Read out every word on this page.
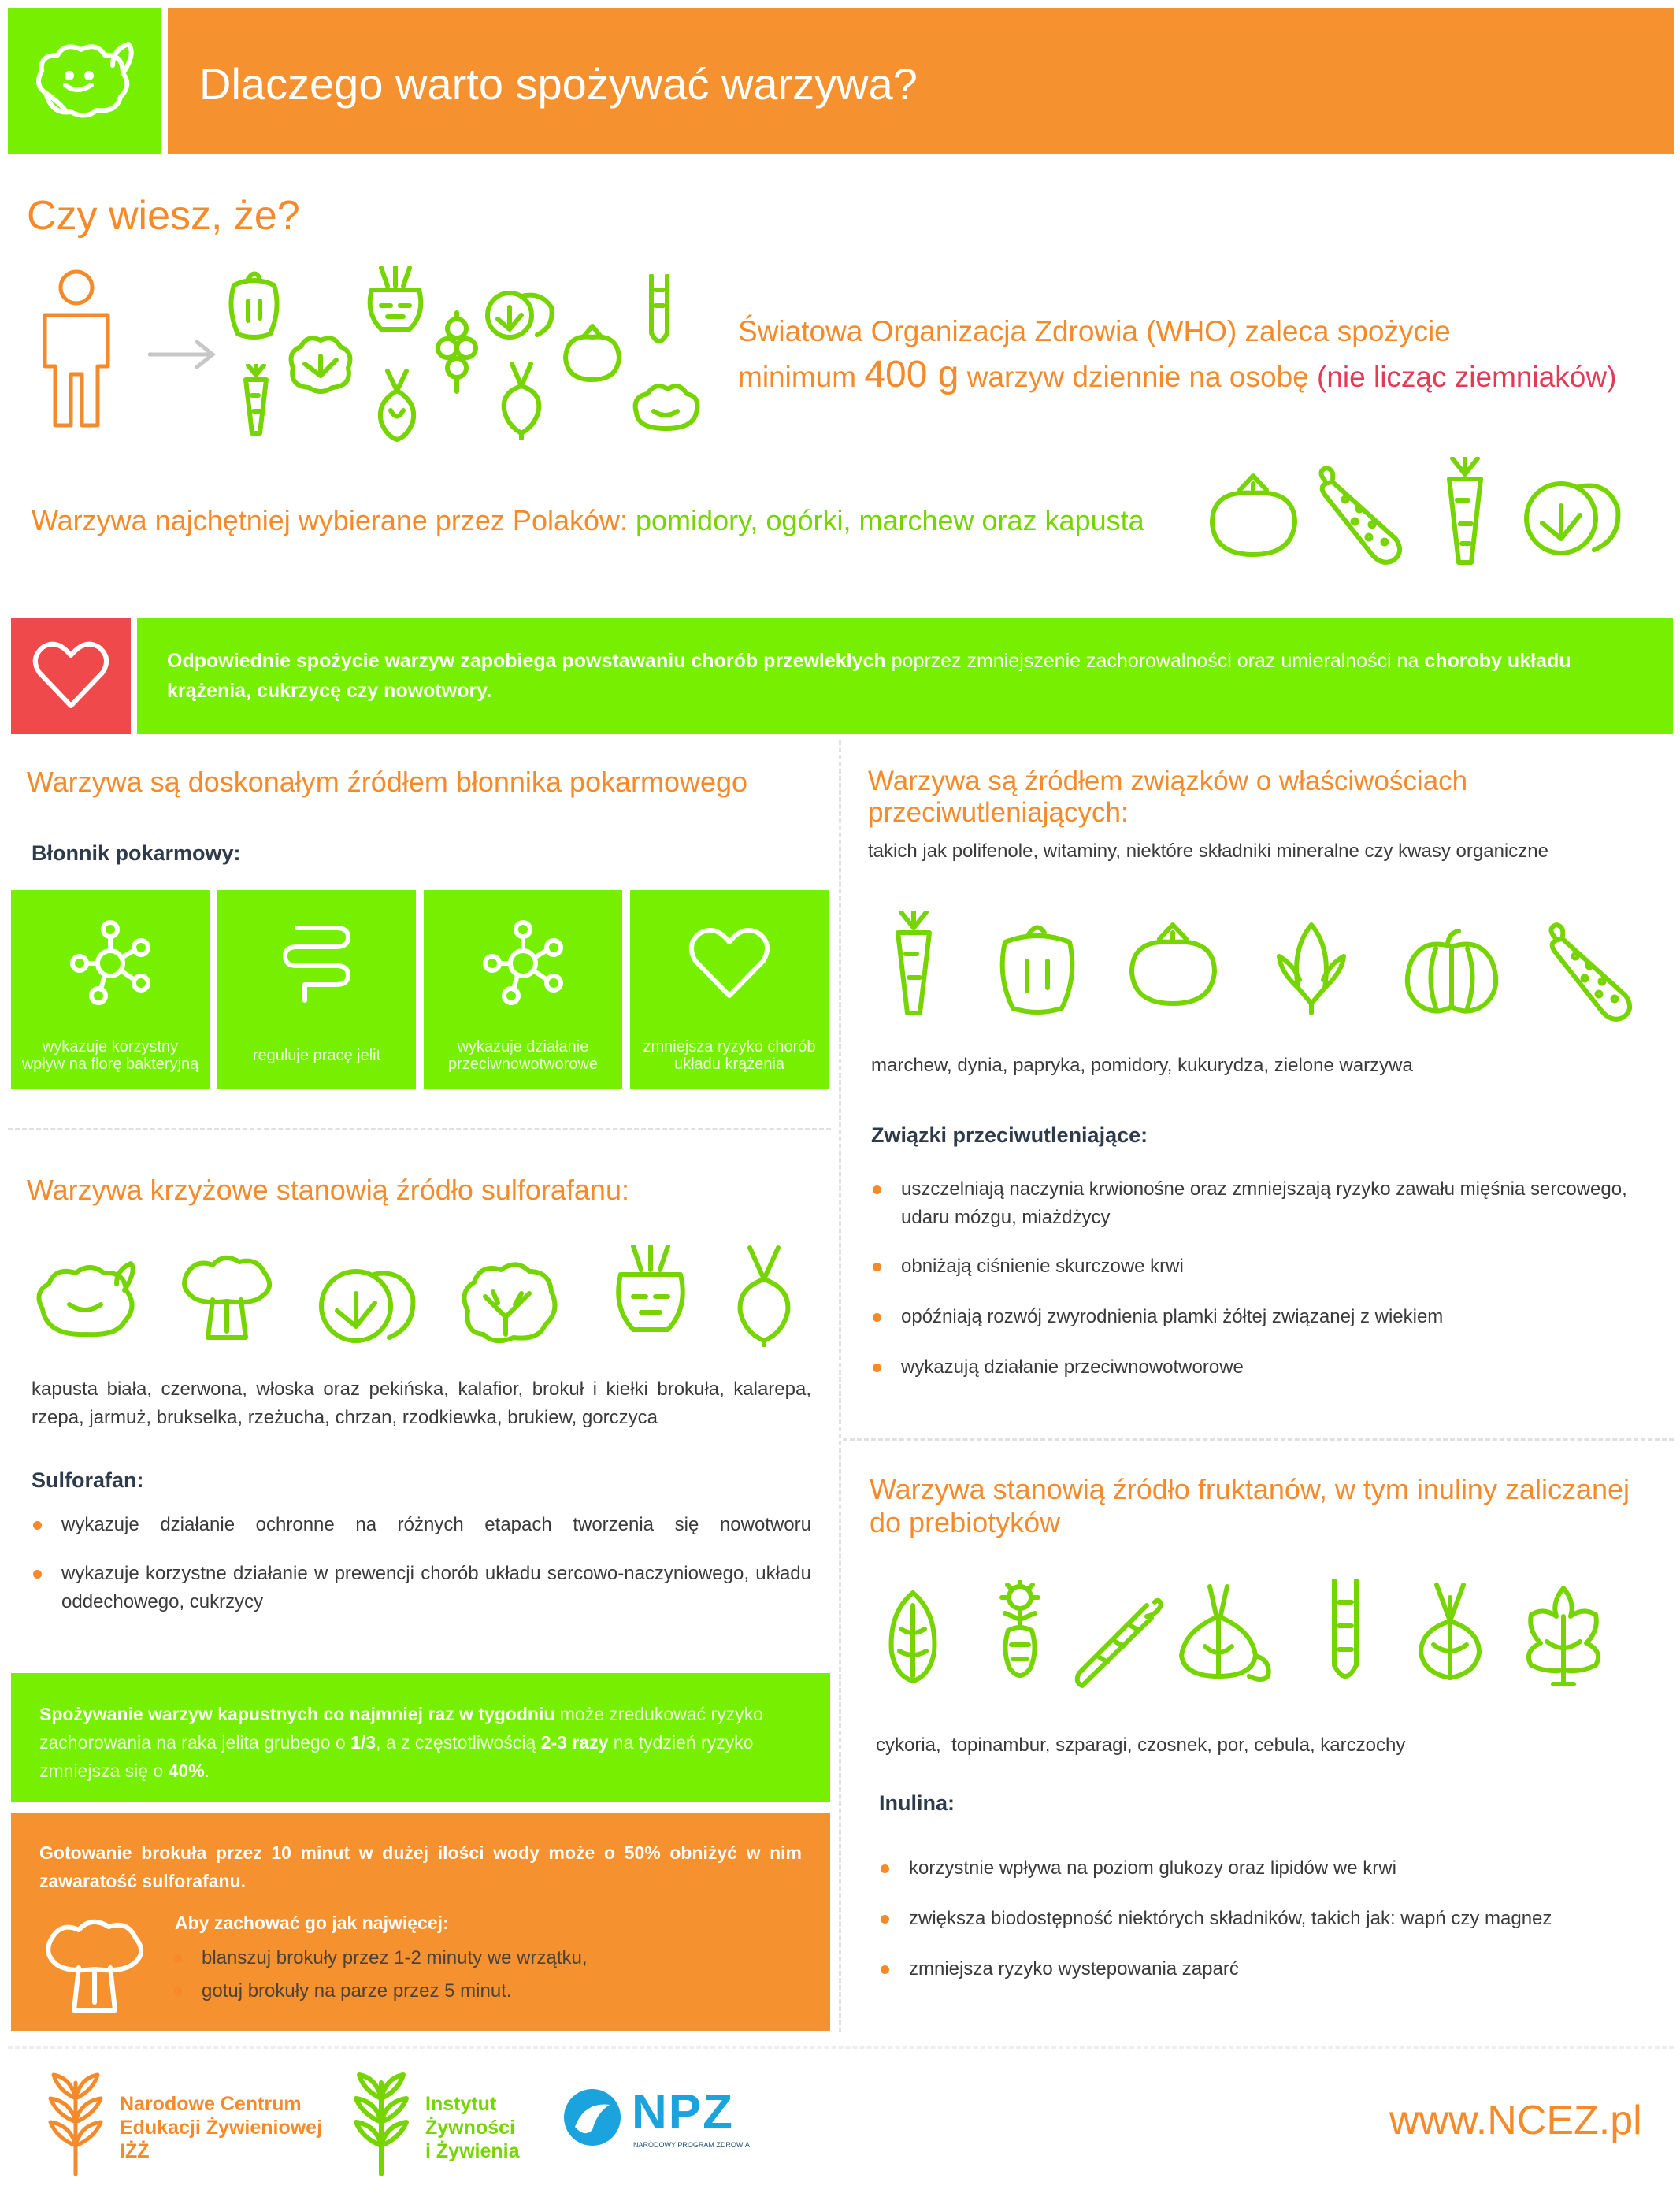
Dlaczego warto spożywać warzywa?
Czy wiesz, że?
Światowa Organizacja Zdrowia (WHO) zaleca spożycie
minimum 400 g warzyw dziennie na osobę (nie licząc ziemniaków)
Warzywa najchętniej wybierane przez Polaków: pomidory, ogórki, marchew oraz kapusta
Odpowiednie spożycie warzyw zapobiega powstawaniu chorób przewlekłych poprzez zmniejszenie zachorowalności oraz umieralności na choroby układu krążenia, cukrzycę czy nowotwory.
Warzywa są doskonałym źródłem błonnika pokarmowego
Błonnik pokarmowy:
wykazuje korzystny wpływ na florę bakteryjną	reguluje pracę jelit	wykazuje działanie przeciwnowotworowe
zmniejsza ryzyko chorób układu krążenia
Warzywa są źródłem związków o właściwościach przeciwutleniających:
takich jak polifenole, witaminy, niektóre składniki mineralne czy kwasy organiczne
marchew, dynia, papryka, pomidory, kukurydza, zielone warzywa
Związki przeciwutleniające:
uszczelniają naczynia krwionośne oraz zmniejszają ryzyko zawału mięśnia sercowego, udaru mózgu, miażdżycy
obniżają ciśnienie skurczowe krwi
opóźniają rozwój zwyrodnienia plamki żółtej związanej z wiekiem
wykazują działanie przeciwnowotworowe
Warzywa krzyżowe stanowią źródło sulforafanu:
kapusta biała, czerwona, włoska oraz pekińska, kalafior, brokuł i kiełki brokuła, kalarepa, rzepa, jarmuż, brukselka, rzeżucha, chrzan, rzodkiewka, brukiew, gorczyca
Sulforafan:
wykazuje działanie ochronne na różnych etapach tworzenia się nowotworu
wykazuje korzystne działanie w prewencji chorób układu sercowo-naczyniowego, układu oddechowego, cukrzycy
Spożywanie warzyw kapustnych co najmniej raz w tygodniu może zredukować ryzyko zachorowania na raka jelita grubego o 1/3, a z częstotliwością 2-3 razy na tydzień ryzyko zmniejsza się o 40%.
Gotowanie brokuła przez 10 minut w dużej ilości wody może o 50% obniżyć w nim zawaratość sulforafanu.
Aby zachować go jak najwięcej:
blanszuj brokuły przez 1-2 minuty we wrzątku,
gotuj brokuły na parze przez 5 minut.
Warzywa stanowią źródło fruktanów, w tym inuliny zaliczanej
do prebiotyków
cykoria,  topinambur, szparagi, czosnek, por, cebula, karczochy
Inulina:
korzystnie wpływa na poziom glukozy oraz lipidów we krwi
zwiększa biodostępność niektórych składników, takich jak: wapń czy magnez
zmniejsza ryzyko wystepowania zaparć
Narodowe Centrum
Edukacji Żywieniowej
IŻŻ
Instytut
Żywności
i Żywienia
NPZ
NARODOWY PROGRAM ZDROWIA
www.NCEZ.pl
